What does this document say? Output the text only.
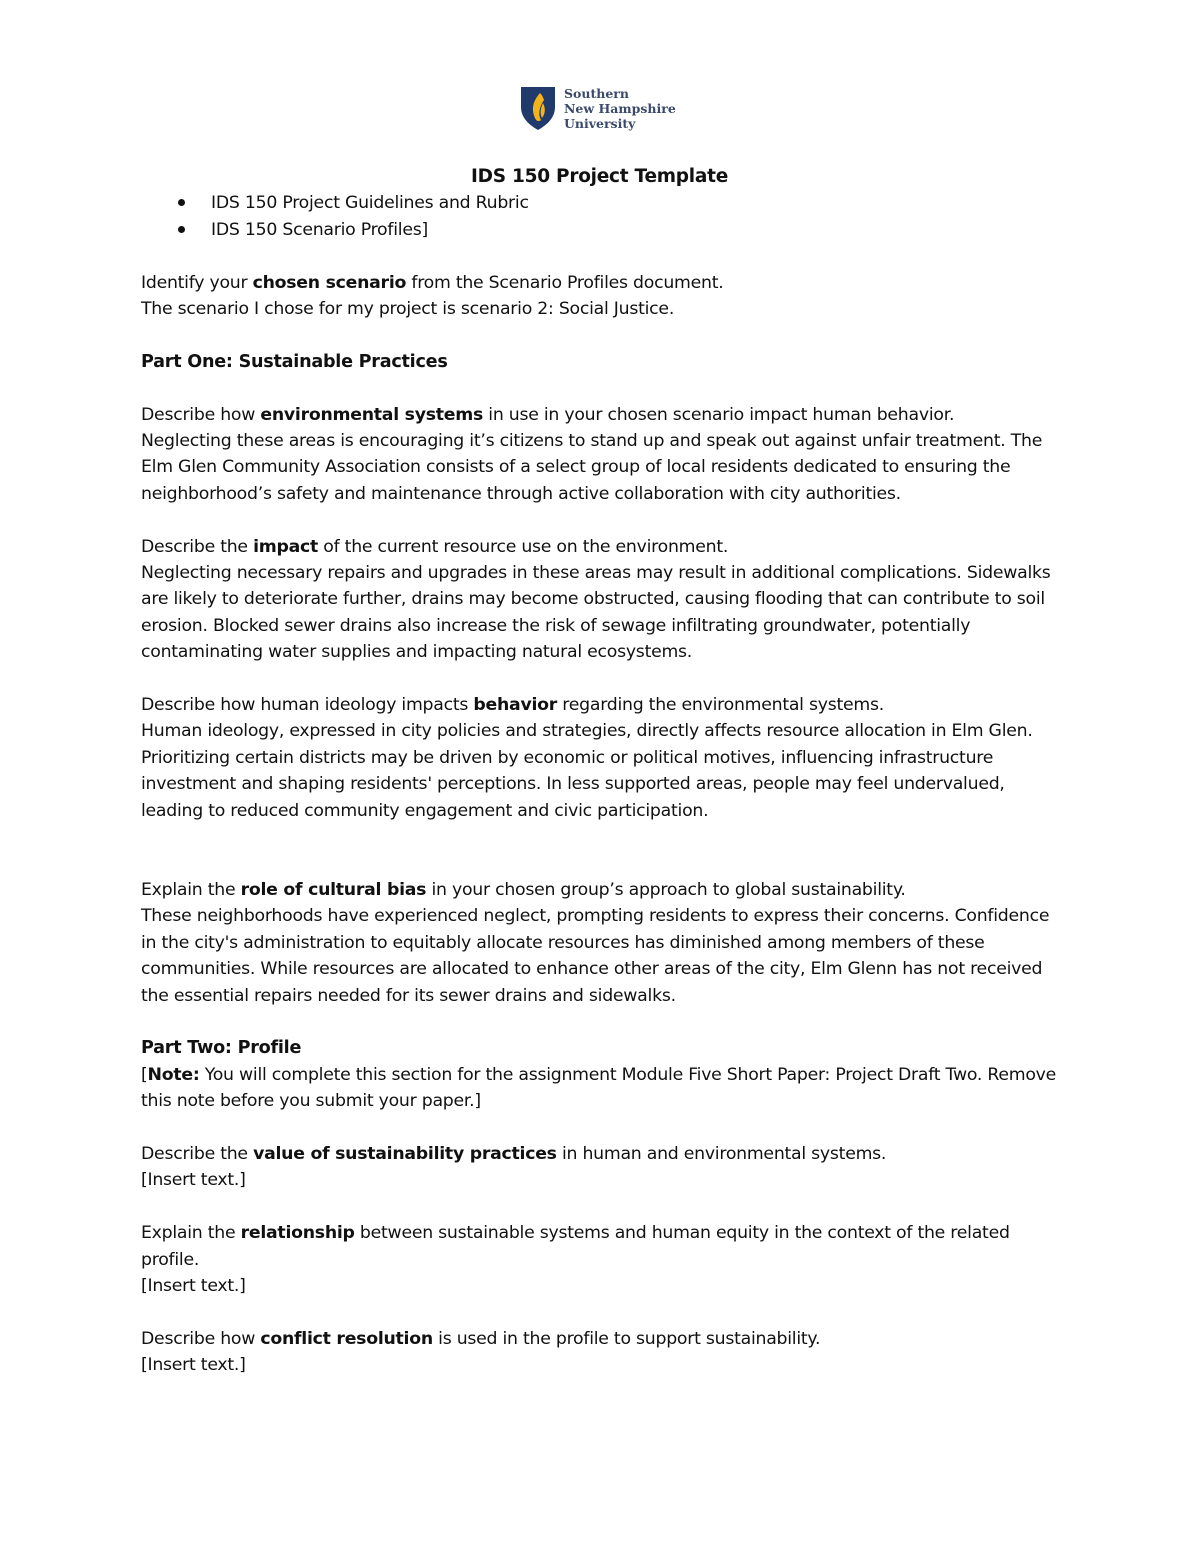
Southern
New Hampshire
University

IDS 150 Project Template

IDS 150 Project Guidelines and Rubric
IDS 150 Scenario Profiles]

Identify your chosen scenario from the Scenario Profiles document.

The scenario I chose for my project is scenario 2: Social Justice.

Part One: Sustainable Practices

Describe how environmental systems in use in your chosen scenario impact human behavior.

Neglecting these areas is encouraging it’s citizens to stand up and speak out against unfair treatment. The Elm Glen Community Association consists of a select group of local residents dedicated to ensuring the neighborhood’s safety and maintenance through active collaboration with city authorities.

Describe the impact of the current resource use on the environment.

Neglecting necessary repairs and upgrades in these areas may result in additional complications. Sidewalks are likely to deteriorate further, drains may become obstructed, causing flooding that can contribute to soil erosion. Blocked sewer drains also increase the risk of sewage infiltrating groundwater, potentially contaminating water supplies and impacting natural ecosystems.

Describe how human ideology impacts behavior regarding the environmental systems.

Human ideology, expressed in city policies and strategies, directly affects resource allocation in Elm Glen. Prioritizing certain districts may be driven by economic or political motives, influencing infrastructure investment and shaping residents' perceptions. In less supported areas, people may feel undervalued, leading to reduced community engagement and civic participation.

Explain the role of cultural bias in your chosen group’s approach to global sustainability.

These neighborhoods have experienced neglect, prompting residents to express their concerns. Confidence in the city's administration to equitably allocate resources has diminished among members of these communities. While resources are allocated to enhance other areas of the city, Elm Glenn has not received the essential repairs needed for its sewer drains and sidewalks.

Part Two: Profile

[Note: You will complete this section for the assignment Module Five Short Paper: Project Draft Two. Remove this note before you submit your paper.]

Describe the value of sustainability practices in human and environmental systems.

[Insert text.]

Explain the relationship between sustainable systems and human equity in the context of the related profile.

[Insert text.]

Describe how conflict resolution is used in the profile to support sustainability.

[Insert text.]
